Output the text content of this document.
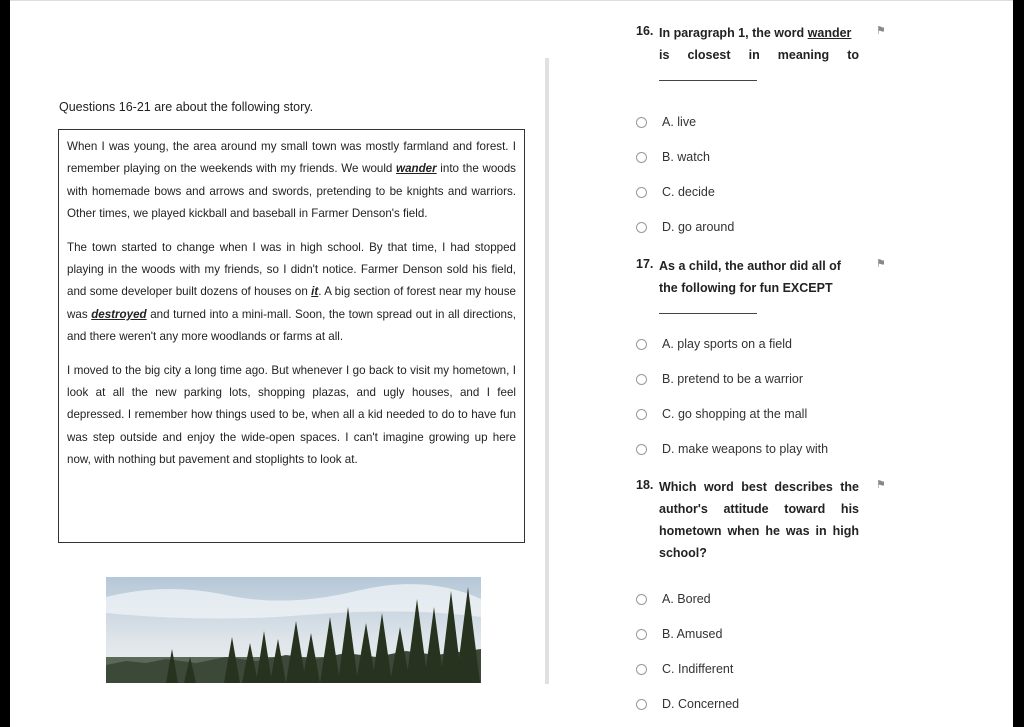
Questions 16-21 are about the following story.

When I was young, the area around my small town was mostly farmland and forest. I remember playing on the weekends with my friends. We would wander into the woods with homemade bows and arrows and swords, pretending to be knights and warriors. Other times, we played kickball and baseball in Farmer Denson's field.

The town started to change when I was in high school. By that time, I had stopped playing in the woods with my friends, so I didn't notice. Farmer Denson sold his field, and some developer built dozens of houses on it. A big section of forest near my house was destroyed and turned into a mini-mall. Soon, the town spread out in all directions, and there weren't any more woodlands or farms at all.

I moved to the big city a long time ago. But whenever I go back to visit my hometown, I look at all the new parking lots, shopping plazas, and ugly houses, and I feel depressed. I remember how things used to be, when all a kid needed to do to have fun was step outside and enjoy the wide-open spaces. I can't imagine growing up here now, with nothing but pavement and stoplights to look at.

16. In paragraph 1, the word wander
is closest in meaning to
⚑
A. live
B. watch
C. decide
D. go around
17. As a child, the author did all of
the following for fun EXCEPT
⚑
A. play sports on a field
B. pretend to be a warrior
C. go shopping at the mall
D. make weapons to play with
18. Which word best describes the
author's attitude toward his
hometown when he was in high
school?
⚑
A. Bored
B. Amused
C. Indifferent
D. Concerned
